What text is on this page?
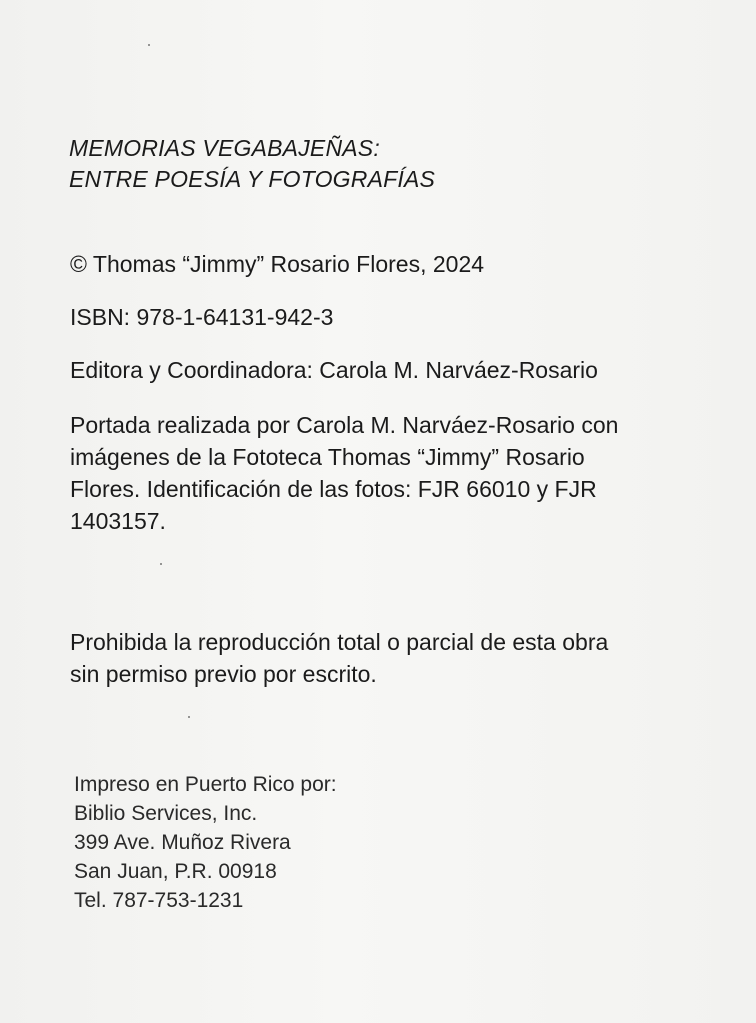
MEMORIAS VEGABAJEÑAS:
ENTRE POESÍA Y FOTOGRAFÍAS
© Thomas “Jimmy” Rosario Flores, 2024
ISBN: 978-1-64131-942-3
Editora y Coordinadora: Carola M. Narváez-Rosario
Portada realizada por Carola M. Narváez-Rosario con
imágenes de la Fototeca Thomas “Jimmy” Rosario
Flores. Identificación de las fotos: FJR 66010 y FJR
1403157.
Prohibida la reproducción total o parcial de esta obra
sin permiso previo por escrito.
Impreso en Puerto Rico por:
Biblio Services, Inc.
399 Ave. Muñoz Rivera
San Juan, P.R. 00918
Tel. 787-753-1231
